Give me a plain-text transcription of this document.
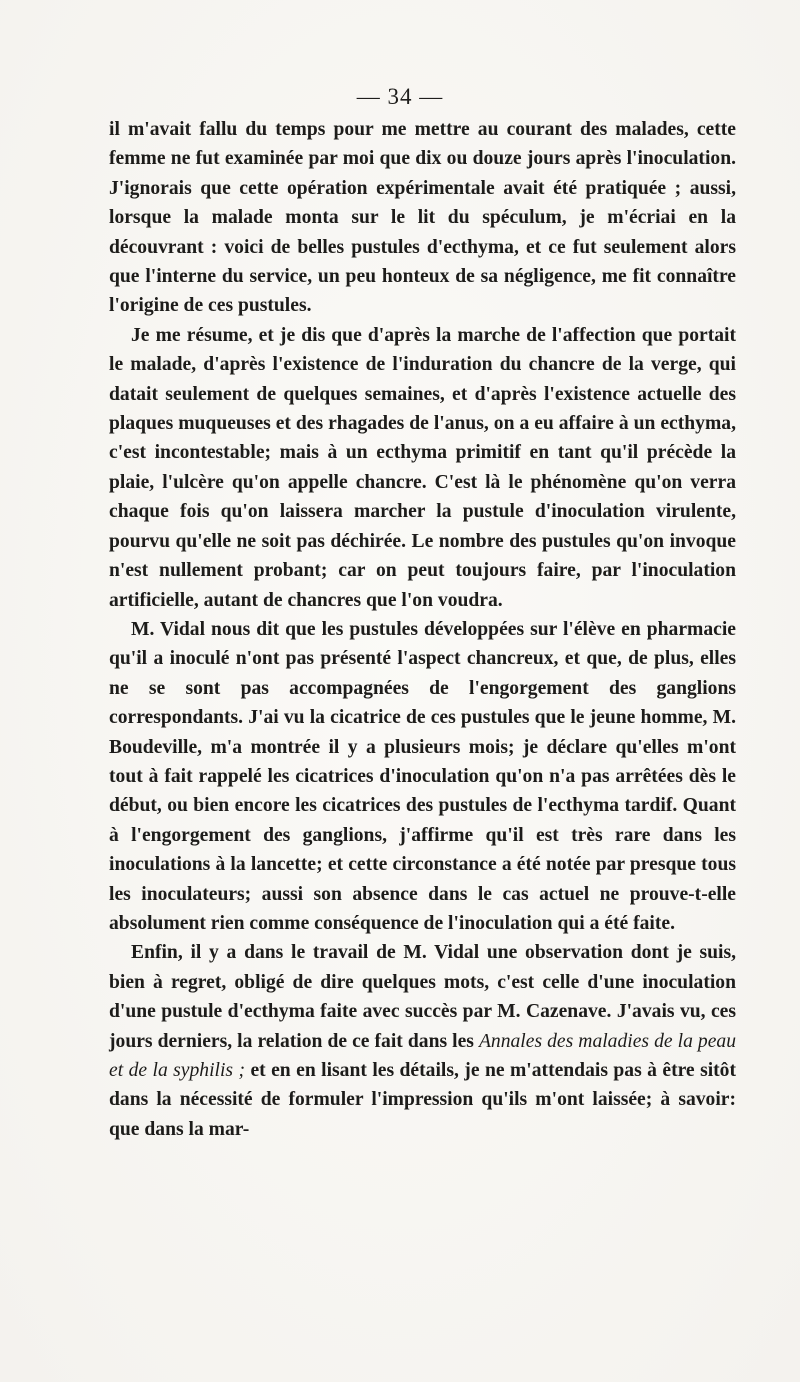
— 34 —

il m'avait fallu du temps pour me mettre au courant des malades, cette femme ne fut examinée par moi que dix ou douze jours après l'inoculation. J'ignorais que cette opération expérimentale avait été pratiquée ; aussi, lorsque la malade monta sur le lit du spéculum, je m'écriai en la découvrant : voici de belles pustules d'ecthyma, et ce fut seulement alors que l'interne du service, un peu honteux de sa négligence, me fit connaître l'origine de ces pustules.

Je me résume, et je dis que d'après la marche de l'affection que portait le malade, d'après l'existence de l'induration du chancre de la verge, qui datait seulement de quelques semaines, et d'après l'existence actuelle des plaques muqueuses et des rhagades de l'anus, on a eu affaire à un ecthyma, c'est incontestable; mais à un ecthyma primitif en tant qu'il précède la plaie, l'ulcère qu'on appelle chancre. C'est là le phénomène qu'on verra chaque fois qu'on laissera marcher la pustule d'inoculation virulente, pourvu qu'elle ne soit pas déchirée. Le nombre des pustules qu'on invoque n'est nullement probant; car on peut toujours faire, par l'inoculation artificielle, autant de chancres que l'on voudra.

M. Vidal nous dit que les pustules développées sur l'élève en pharmacie qu'il a inoculé n'ont pas présenté l'aspect chancreux, et que, de plus, elles ne se sont pas accompagnées de l'engorgement des ganglions correspondants. J'ai vu la cicatrice de ces pustules que le jeune homme, M. Boudeville, m'a montrée il y a plusieurs mois; je déclare qu'elles m'ont tout à fait rappelé les cicatrices d'inoculation qu'on n'a pas arrêtées dès le début, ou bien encore les cicatrices des pustules de l'ecthyma tardif. Quant à l'engorgement des ganglions, j'affirme qu'il est très rare dans les inoculations à la lancette; et cette circonstance a été notée par presque tous les inoculateurs; aussi son absence dans le cas actuel ne prouve-t-elle absolument rien comme conséquence de l'inoculation qui a été faite.

Enfin, il y a dans le travail de M. Vidal une observation dont je suis, bien à regret, obligé de dire quelques mots, c'est celle d'une inoculation d'une pustule d'ecthyma faite avec succès par M. Cazenave. J'avais vu, ces jours derniers, la relation de ce fait dans les Annales des maladies de la peau et de la syphilis ; et en en lisant les détails, je ne m'attendais pas à être sitôt dans la nécessité de formuler l'impression qu'ils m'ont laissée; à savoir: que dans la mar-
